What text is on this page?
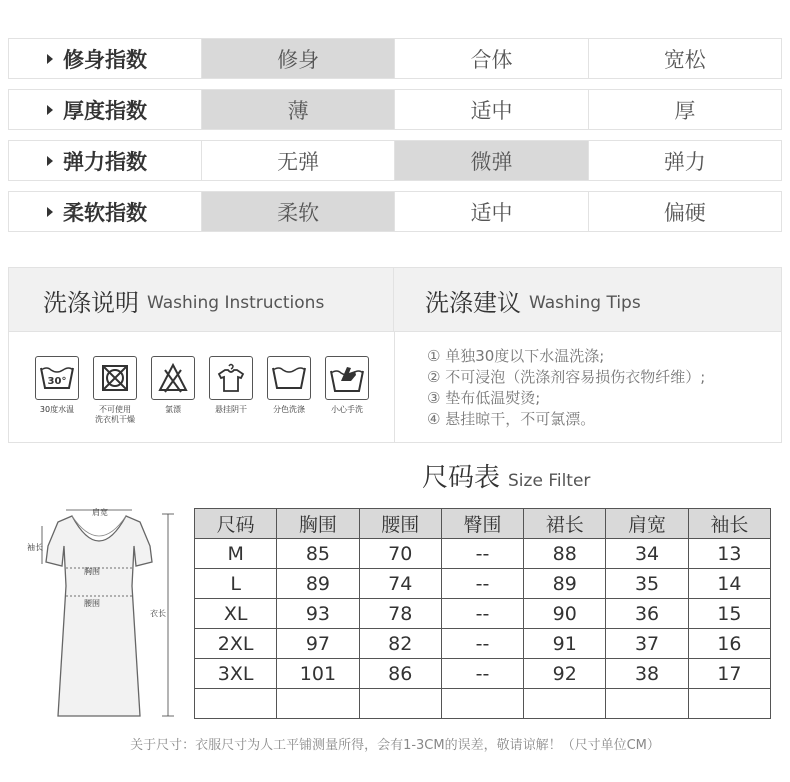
修身指数	修身	合体	宽松
厚度指数	薄	适中	厚
弹力指数	无弹	微弹	弹力
柔软指数	柔软	适中	偏硬
洗涤说明 Washing Instructions	洗涤建议 Washing Tips
30°
30度水温	不可使用
洗衣机干燥
氯漂	悬挂阴干	分色洗涤	小心手洗
① 单独30度以下水温洗涤;
② 不可浸泡（洗涤剂容易损伤衣物纤维）;
③ 垫布低温熨烫;
④ 悬挂晾干，不可氯漂。
尺码表 Size Filter
肩宽
袖长
胸围
腰围
衣长
尺码	胸围	腰围	臀围	裙长	肩宽	袖长
M	85	70	--	88	34	13
L	89	74	--	89	35	14
XL	93	78	--	90	36	15
2XL	97	82	--	91	37	16
3XL	101	86	--	92	38	17

关于尺寸：衣服尺寸为人工平铺测量所得，会有1-3CM的误差，敬请谅解！（尺寸单位CM）
